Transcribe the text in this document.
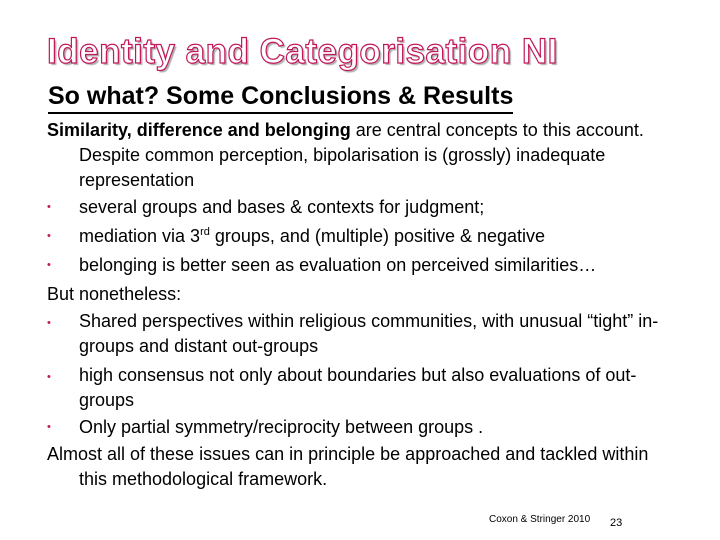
Identity and Categorisation NI
So what? Some Conclusions & Results

Similarity, difference and belonging are central concepts to this account. Despite common perception, bipolarisation is (grossly) inadequate representation

•	several groups and bases & contexts for judgment;

•	mediation via 3rd groups, and (multiple) positive & negative

•	belonging is better seen as evaluation on perceived similarities…

But nonetheless:

•	Shared perspectives within religious communities, with unusual “tight” in-groups and distant out-groups

•	high consensus not only about boundaries but also evaluations of out-groups

•	Only partial symmetry/reciprocity between groups .

Almost all of these issues can in principle be approached and tackled within this methodological framework.

Coxon & Stringer 2010 23
